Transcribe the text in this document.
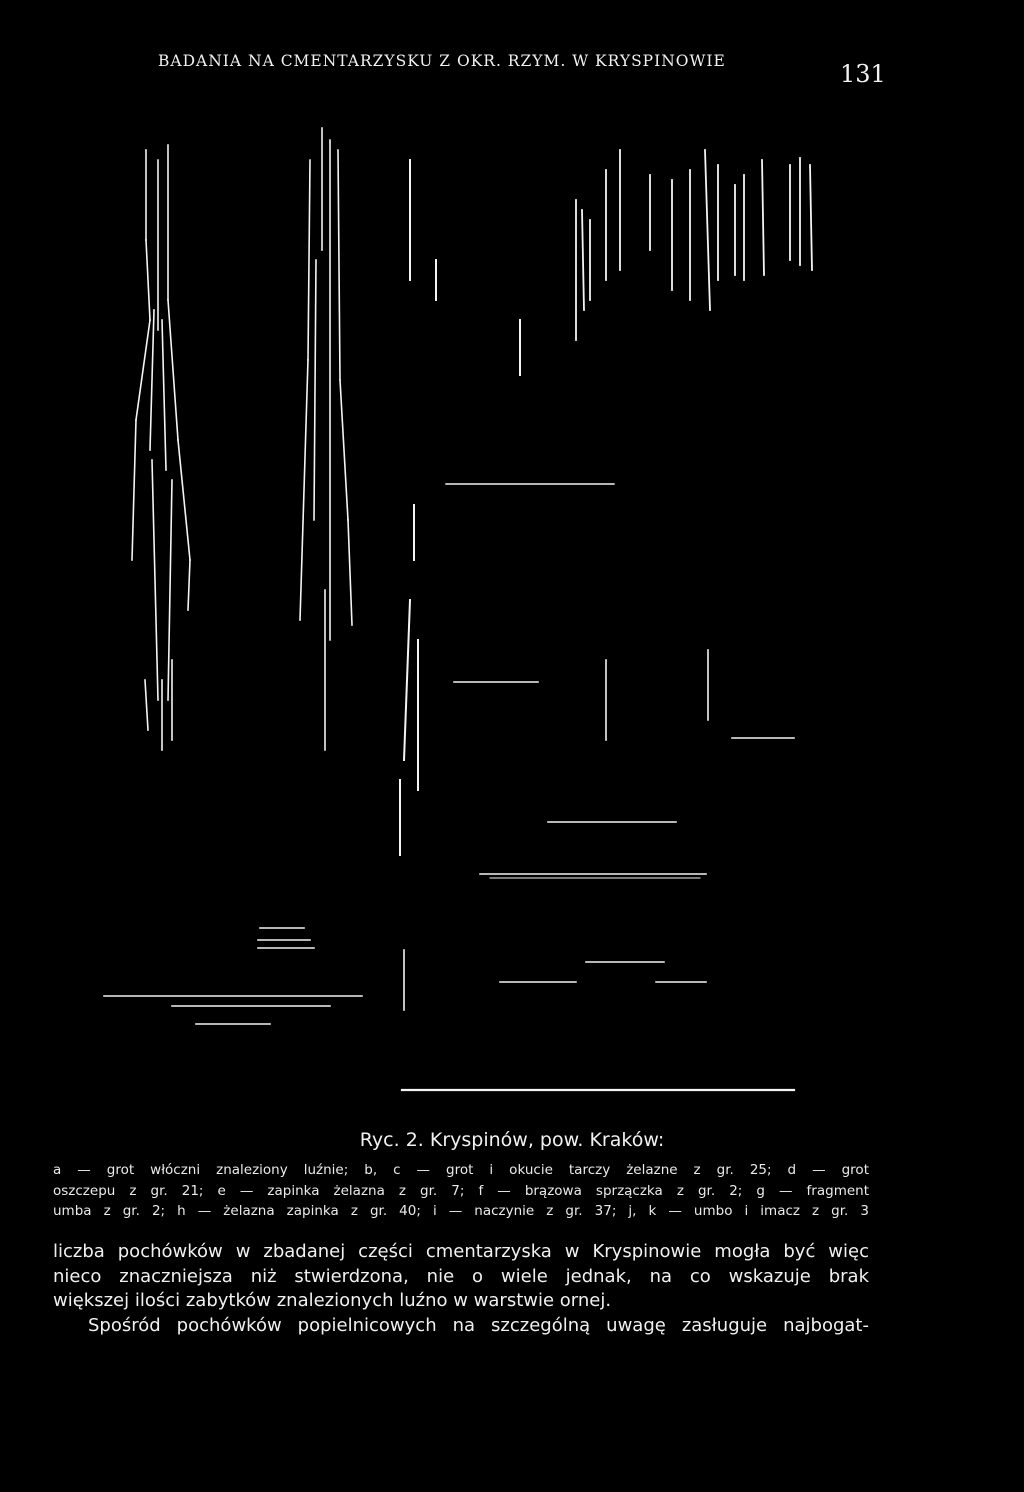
BADANIA NA CMENTARZYSKU Z OKR. RZYM. W KRYSPINOWIE	131
Ryc. 2. Kryspinów, pow. Kraków:
a — grot włóczni znaleziony luźnie; b, c — grot i okucie tarczy żelazne z gr. 25; d — grot
oszczepu z gr. 21; e — zapinka żelazna z gr. 7; f — brązowa sprzączka z gr. 2; g — fragment
umba z gr. 2; h — żelazna zapinka z gr. 40; i — naczynie z gr. 37; j, k — umbo i imacz z gr. 3
liczba pochówków w zbadanej części cmentarzyska w Kryspinowie mogła być więc
nieco znaczniejsza niż stwierdzona, nie o wiele jednak, na co wskazuje brak
większej ilości zabytków znalezionych luźno w warstwie ornej.
Spośród pochówków popielnicowych na szczególną uwagę zasługuje najbogat-
